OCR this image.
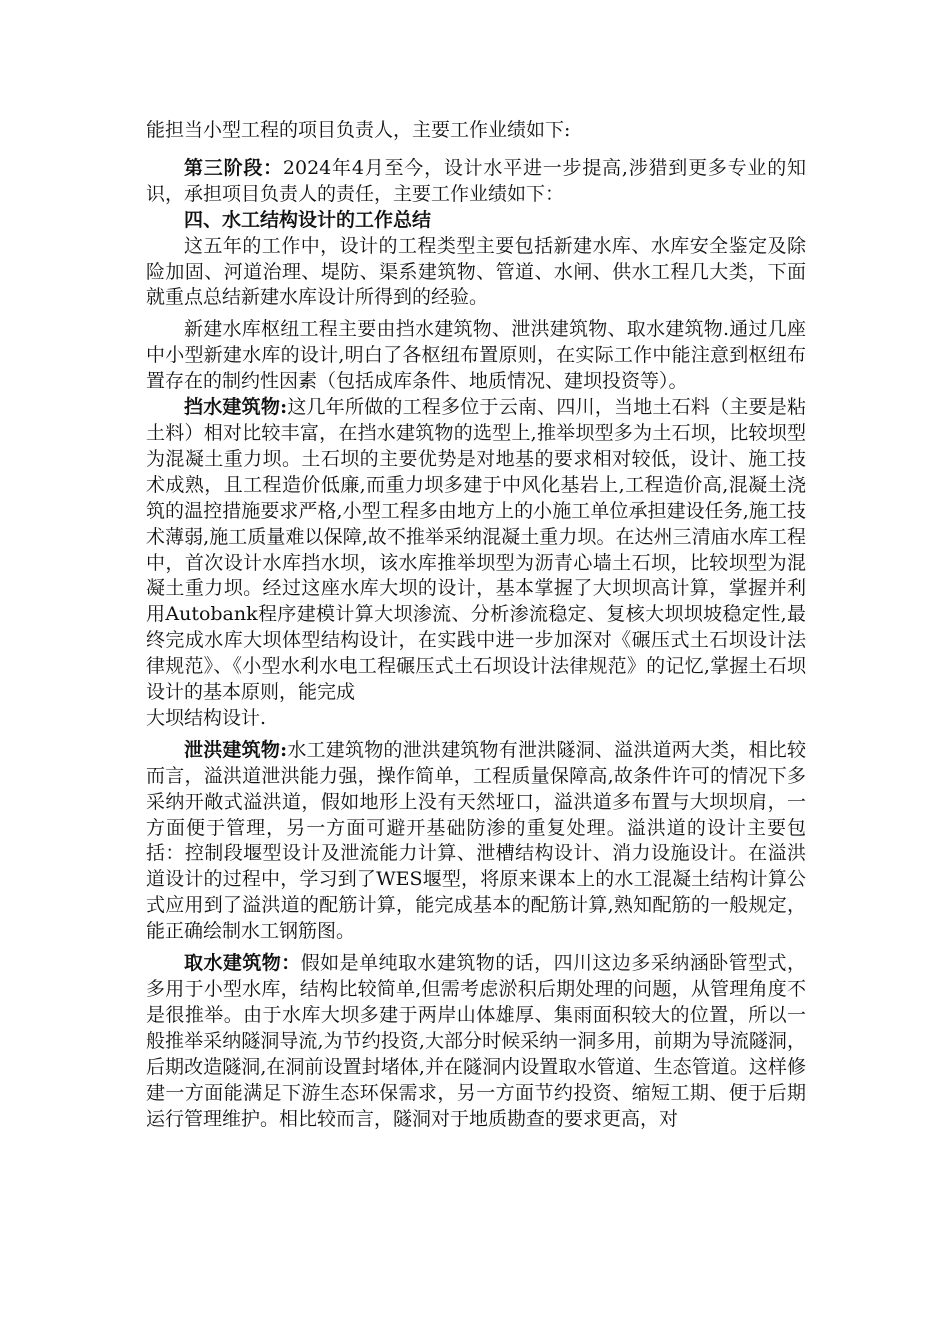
能担当小型工程的项目负责人，主要工作业绩如下:

第三阶段：2024年4月至今，设计水平进一步提高,涉猎到更多专业的知识，承担项目负责人的责任，主要工作业绩如下：

四、水工结构设计的工作总结

这五年的工作中，设计的工程类型主要包括新建水库、水库安全鉴定及除险加固、河道治理、堤防、渠系建筑物、管道、水闸、供水工程几大类，下面就重点总结新建水库设计所得到的经验。

新建水库枢纽工程主要由挡水建筑物、泄洪建筑物、取水建筑物.通过几座中小型新建水库的设计,明白了各枢纽布置原则，在实际工作中能注意到枢纽布置存在的制约性因素（包括成库条件、地质情况、建坝投资等）。

挡水建筑物:这几年所做的工程多位于云南、四川，当地土石料（主要是粘土料）相对比较丰富，在挡水建筑物的选型上,推举坝型多为土石坝，比较坝型为混凝土重力坝。土石坝的主要优势是对地基的要求相对较低，设计、施工技术成熟，且工程造价低廉,而重力坝多建于中风化基岩上,工程造价高,混凝土浇筑的温控措施要求严格,小型工程多由地方上的小施工单位承担建设任务,施工技术薄弱,施工质量难以保障,故不推举采纳混凝土重力坝。在达州三清庙水库工程中，首次设计水库挡水坝，该水库推举坝型为沥青心墙土石坝，比较坝型为混凝土重力坝。经过这座水库大坝的设计，基本掌握了大坝坝高计算，掌握并利用Autobank程序建模计算大坝渗流、分析渗流稳定、复核大坝坝坡稳定性,最终完成水库大坝体型结构设计，在实践中进一步加深对《碾压式土石坝设计法律规范》、《小型水利水电工程碾压式土石坝设计法律规范》的记忆,掌握土石坝设计的基本原则，能完成

大坝结构设计.

泄洪建筑物:水工建筑物的泄洪建筑物有泄洪隧洞、溢洪道两大类，相比较而言，溢洪道泄洪能力强，操作简单，工程质量保障高,故条件许可的情况下多采纳开敞式溢洪道，假如地形上没有天然垭口，溢洪道多布置与大坝坝肩，一方面便于管理，另一方面可避开基础防渗的重复处理。溢洪道的设计主要包括：控制段堰型设计及泄流能力计算、泄槽结构设计、消力设施设计。在溢洪道设计的过程中，学习到了WES堰型，将原来课本上的水工混凝土结构计算公式应用到了溢洪道的配筋计算，能完成基本的配筋计算,熟知配筋的一般规定，能正确绘制水工钢筋图。

取水建筑物：假如是单纯取水建筑物的话，四川这边多采纳涵卧管型式，多用于小型水库，结构比较简单,但需考虑淤积后期处理的问题，从管理角度不是很推举。由于水库大坝多建于两岸山体雄厚、集雨面积较大的位置，所以一般推举采纳隧洞导流,为节约投资,大部分时候采纳一洞多用，前期为导流隧洞，后期改造隧洞,在洞前设置封堵体,并在隧洞内设置取水管道、生态管道。这样修建一方面能满足下游生态环保需求，另一方面节约投资、缩短工期、便于后期运行管理维护。相比较而言，隧洞对于地质勘查的要求更高，对
